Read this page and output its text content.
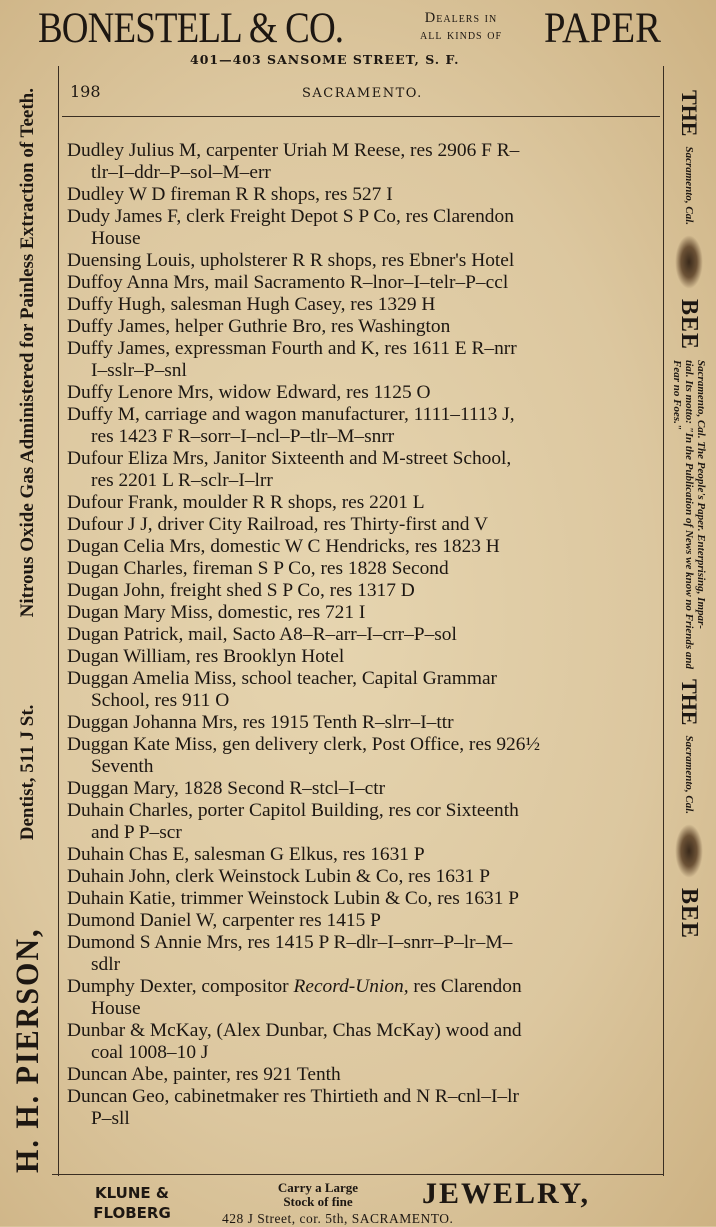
BONESTELL & CO.	Dealers in
all kinds of PAPER
401—403 SANSOME STREET, S. F.
H. H. PIERSON,
Dentist, 511 J St.
Nitrous Oxide Gas Administered for Painless Extraction of Teeth.	THE
Sacramento, Cal.
BEE
Sacramento, Cal. The People's Paper. Enterprising, Impar-
tial. Its motto: "In the Publication of News we know no Friends and
Fear no Foes."
THE
Sacramento, Cal.
BEE
198	SACRAMENTO.
Dudley Julius M, carpenter Uriah M Reese, res 2906 F R–
tlr–I–ddr–P–sol–M–err
Dudley W D fireman R R shops, res 527 I
Dudy James F, clerk Freight Depot S P Co, res Clarendon
House
Duensing Louis, upholsterer R R shops, res Ebner's Hotel
Duffoy Anna Mrs, mail Sacramento R–lnor–I–telr–P–ccl
Duffy Hugh, salesman Hugh Casey, res 1329 H
Duffy James, helper Guthrie Bro, res Washington
Duffy James, expressman Fourth and K, res 1611 E R–nrr
I–sslr–P–snl
Duffy Lenore Mrs, widow Edward, res 1125 O
Duffy M, carriage and wagon manufacturer, 1111–1113 J,
res 1423 F R–sorr–I–ncl–P–tlr–M–snrr
Dufour Eliza Mrs, Janitor Sixteenth and M-street School,
res 2201 L R–sclr–I–lrr
Dufour Frank, moulder R R shops, res 2201 L
Dufour J J, driver City Railroad, res Thirty-first and V
Dugan Celia Mrs, domestic W C Hendricks, res 1823 H
Dugan Charles, fireman S P Co, res 1828 Second
Dugan John, freight shed S P Co, res 1317 D
Dugan Mary Miss, domestic, res 721 I
Dugan Patrick, mail, Sacto A8–R–arr–I–crr–P–sol
Dugan William, res Brooklyn Hotel
Duggan Amelia Miss, school teacher, Capital Grammar
School, res 911 O
Duggan Johanna Mrs, res 1915 Tenth R–slrr–I–ttr
Duggan Kate Miss, gen delivery clerk, Post Office, res 926½
Seventh
Duggan Mary, 1828 Second R–stcl–I–ctr
Duhain Charles, porter Capitol Building, res cor Sixteenth
and P P–scr
Duhain Chas E, salesman G Elkus, res 1631 P
Duhain John, clerk Weinstock Lubin & Co, res 1631 P
Duhain Katie, trimmer Weinstock Lubin & Co, res 1631 P
Dumond Daniel W, carpenter res 1415 P
Dumond S Annie Mrs, res 1415 P R–dlr–I–snrr–P–lr–M–
sdlr
Dumphy Dexter, compositor Record-Union, res Clarendon
House
Dunbar & McKay, (Alex Dunbar, Chas McKay) wood and
coal 1008–10 J
Duncan Abe, painter, res 921 Tenth
Duncan Geo, cabinetmaker res Thirtieth and N R–cnl–I–lr
P–sll
KLUNE &
FLOBERG
Carry a Large
Stock of fine	JEWELRY,
428 J Street, cor. 5th, SACRAMENTO.
